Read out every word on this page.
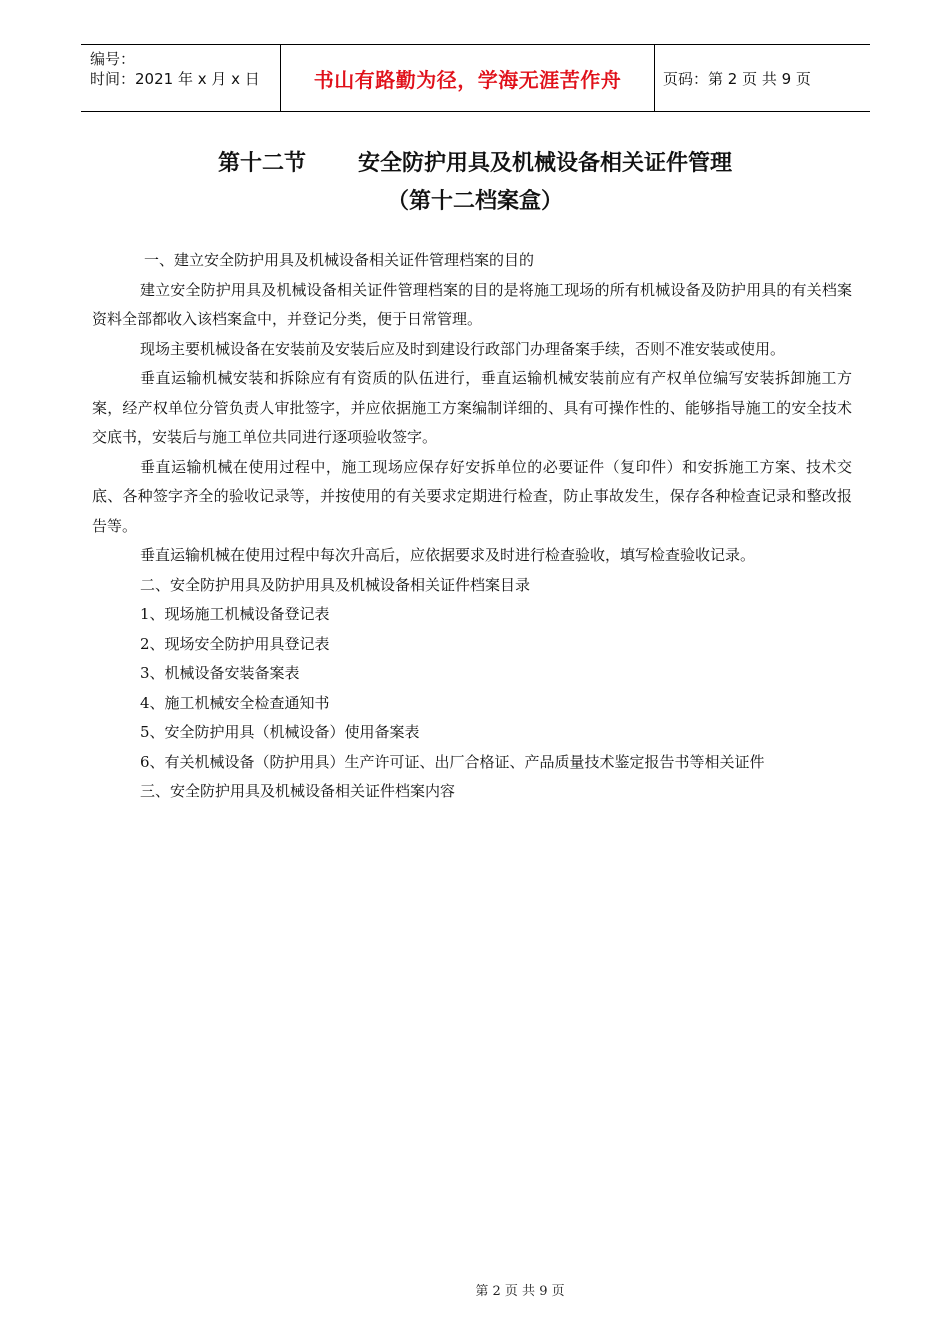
编号：
时间：2021 年 x 月 x 日	书山有路勤为径，学海无涯苦作舟	页码：第 2 页 共 9 页
第十二节 安全防护用具及机械设备相关证件管理
（第十二档案盒）

一、建立安全防护用具及机械设备相关证件管理档案的目的

建立安全防护用具及机械设备相关证件管理档案的目的是将施工现场的所有机械设备及防护用具的有关档案资料全部都收入该档案盒中，并登记分类，便于日常管理。

现场主要机械设备在安装前及安装后应及时到建设行政部门办理备案手续，否则不准安装或使用。

垂直运输机械安装和拆除应有有资质的队伍进行，垂直运输机械安装前应有产权单位编写安装拆卸施工方案，经产权单位分管负责人审批签字，并应依据施工方案编制详细的、具有可操作性的、能够指导施工的安全技术交底书，安装后与施工单位共同进行逐项验收签字。

垂直运输机械在使用过程中，施工现场应保存好安拆单位的必要证件（复印件）和安拆施工方案、技术交底、各种签字齐全的验收记录等，并按使用的有关要求定期进行检查，防止事故发生，保存各种检查记录和整改报告等。

垂直运输机械在使用过程中每次升高后，应依据要求及时进行检查验收，填写检查验收记录。

二、安全防护用具及防护用具及机械设备相关证件档案目录

1、现场施工机械设备登记表

2、现场安全防护用具登记表

3、机械设备安装备案表

4、施工机械安全检查通知书

5、安全防护用具（机械设备）使用备案表

6、有关机械设备（防护用具）生产许可证、出厂合格证、产品质量技术鉴定报告书等相关证件

三、安全防护用具及机械设备相关证件档案内容

第 2 页 共 9 页
